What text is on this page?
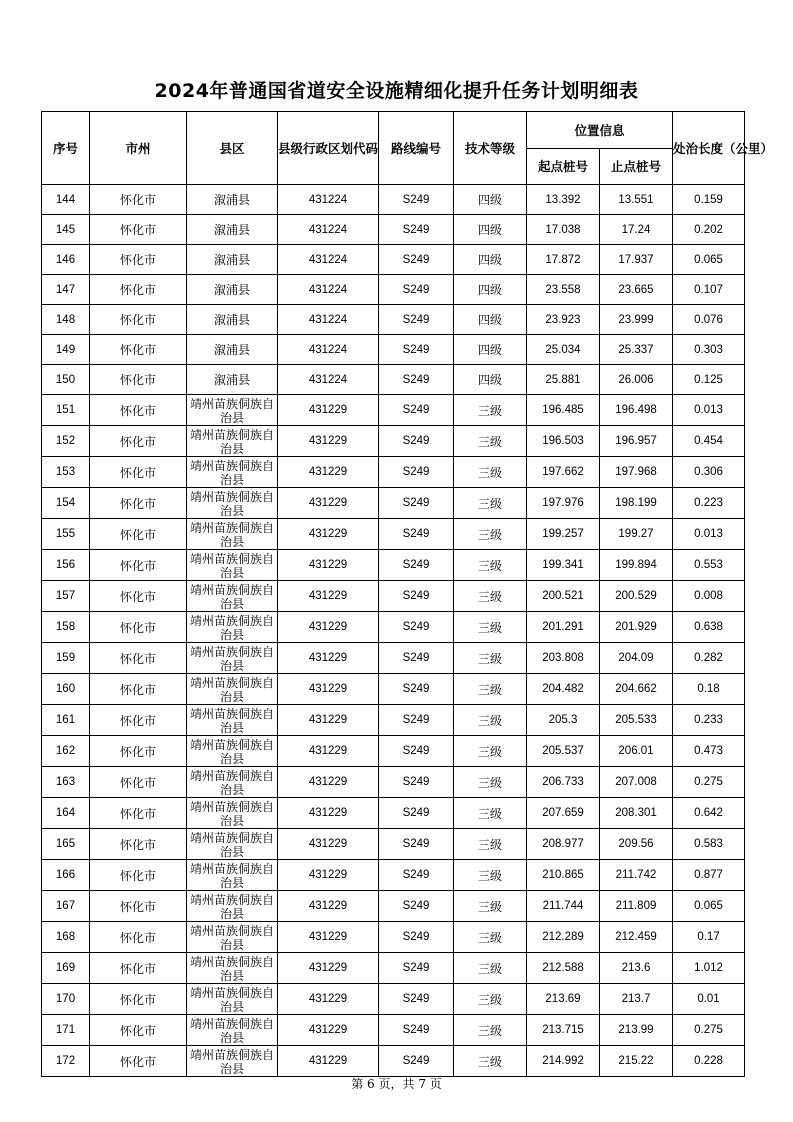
2024年普通国省道安全设施精细化提升任务计划明细表
序号	市州	县区	县级行政区划代码	路线编号	技术等级	位置信息		处治长度（公里）
						起点桩号	止点桩号	
144	怀化市	溆浦县	431224	S249	四级	13.392	13.551	0.159
145	怀化市	溆浦县	431224	S249	四级	17.038	17.24	0.202
146	怀化市	溆浦县	431224	S249	四级	17.872	17.937	0.065
147	怀化市	溆浦县	431224	S249	四级	23.558	23.665	0.107
148	怀化市	溆浦县	431224	S249	四级	23.923	23.999	0.076
149	怀化市	溆浦县	431224	S249	四级	25.034	25.337	0.303
150	怀化市	溆浦县	431224	S249	四级	25.881	26.006	0.125
151	怀化市	靖州苗族侗族自治县	431229	S249	三级	196.485	196.498	0.013
152	怀化市	靖州苗族侗族自治县	431229	S249	三级	196.503	196.957	0.454
153	怀化市	靖州苗族侗族自治县	431229	S249	三级	197.662	197.968	0.306
154	怀化市	靖州苗族侗族自治县	431229	S249	三级	197.976	198.199	0.223
155	怀化市	靖州苗族侗族自治县	431229	S249	三级	199.257	199.27	0.013
156	怀化市	靖州苗族侗族自治县	431229	S249	三级	199.341	199.894	0.553
157	怀化市	靖州苗族侗族自治县	431229	S249	三级	200.521	200.529	0.008
158	怀化市	靖州苗族侗族自治县	431229	S249	三级	201.291	201.929	0.638
159	怀化市	靖州苗族侗族自治县	431229	S249	三级	203.808	204.09	0.282
160	怀化市	靖州苗族侗族自治县	431229	S249	三级	204.482	204.662	0.18
161	怀化市	靖州苗族侗族自治县	431229	S249	三级	205.3	205.533	0.233
162	怀化市	靖州苗族侗族自治县	431229	S249	三级	205.537	206.01	0.473
163	怀化市	靖州苗族侗族自治县	431229	S249	三级	206.733	207.008	0.275
164	怀化市	靖州苗族侗族自治县	431229	S249	三级	207.659	208.301	0.642
165	怀化市	靖州苗族侗族自治县	431229	S249	三级	208.977	209.56	0.583
166	怀化市	靖州苗族侗族自治县	431229	S249	三级	210.865	211.742	0.877
167	怀化市	靖州苗族侗族自治县	431229	S249	三级	211.744	211.809	0.065
168	怀化市	靖州苗族侗族自治县	431229	S249	三级	212.289	212.459	0.17
169	怀化市	靖州苗族侗族自治县	431229	S249	三级	212.588	213.6	1.012
170	怀化市	靖州苗族侗族自治县	431229	S249	三级	213.69	213.7	0.01
171	怀化市	靖州苗族侗族自治县	431229	S249	三级	213.715	213.99	0.275
172	怀化市	靖州苗族侗族自治县	431229	S249	三级	214.992	215.22	0.228
第 6 页，共 7 页
